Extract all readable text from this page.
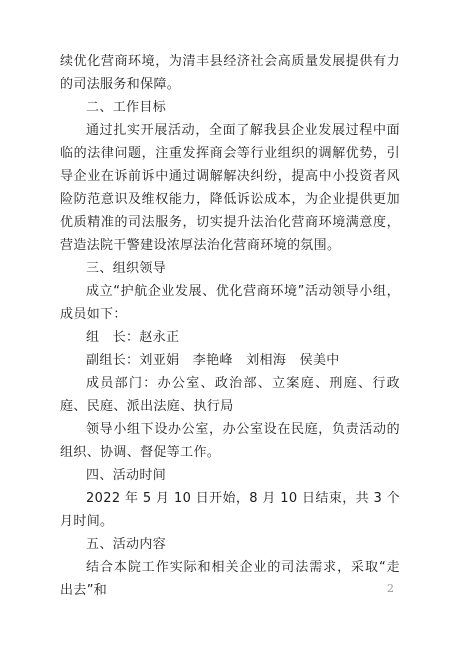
续优化营商环境，为清丰县经济社会高质量发展提供有力的司法服务和保障。

二、工作目标

通过扎实开展活动，全面了解我县企业发展过程中面临的法律问题，注重发挥商会等行业组织的调解优势，引导企业在诉前诉中通过调解解决纠纷，提高中小投资者风险防范意识及维权能力，降低诉讼成本，为企业提供更加优质精准的司法服务，切实提升法治化营商环境满意度，营造法院干警建设浓厚法治化营商环境的氛围。

三、组织领导

成立“护航企业发展、优化营商环境”活动领导小组，成员如下：

组　长：赵永正

副组长：刘亚娟　李艳峰　刘相海　侯美中

成员部门：办公室、政治部、立案庭、刑庭、行政庭、民庭、派出法庭、执行局

领导小组下设办公室，办公室设在民庭，负责活动的组织、协调、督促等工作。

四、活动时间

2022 年 5 月 10 日开始，8 月 10 日结束，共 3 个月时间。

五、活动内容

结合本院工作实际和相关企业的司法需求，采取“走出去”和	2
